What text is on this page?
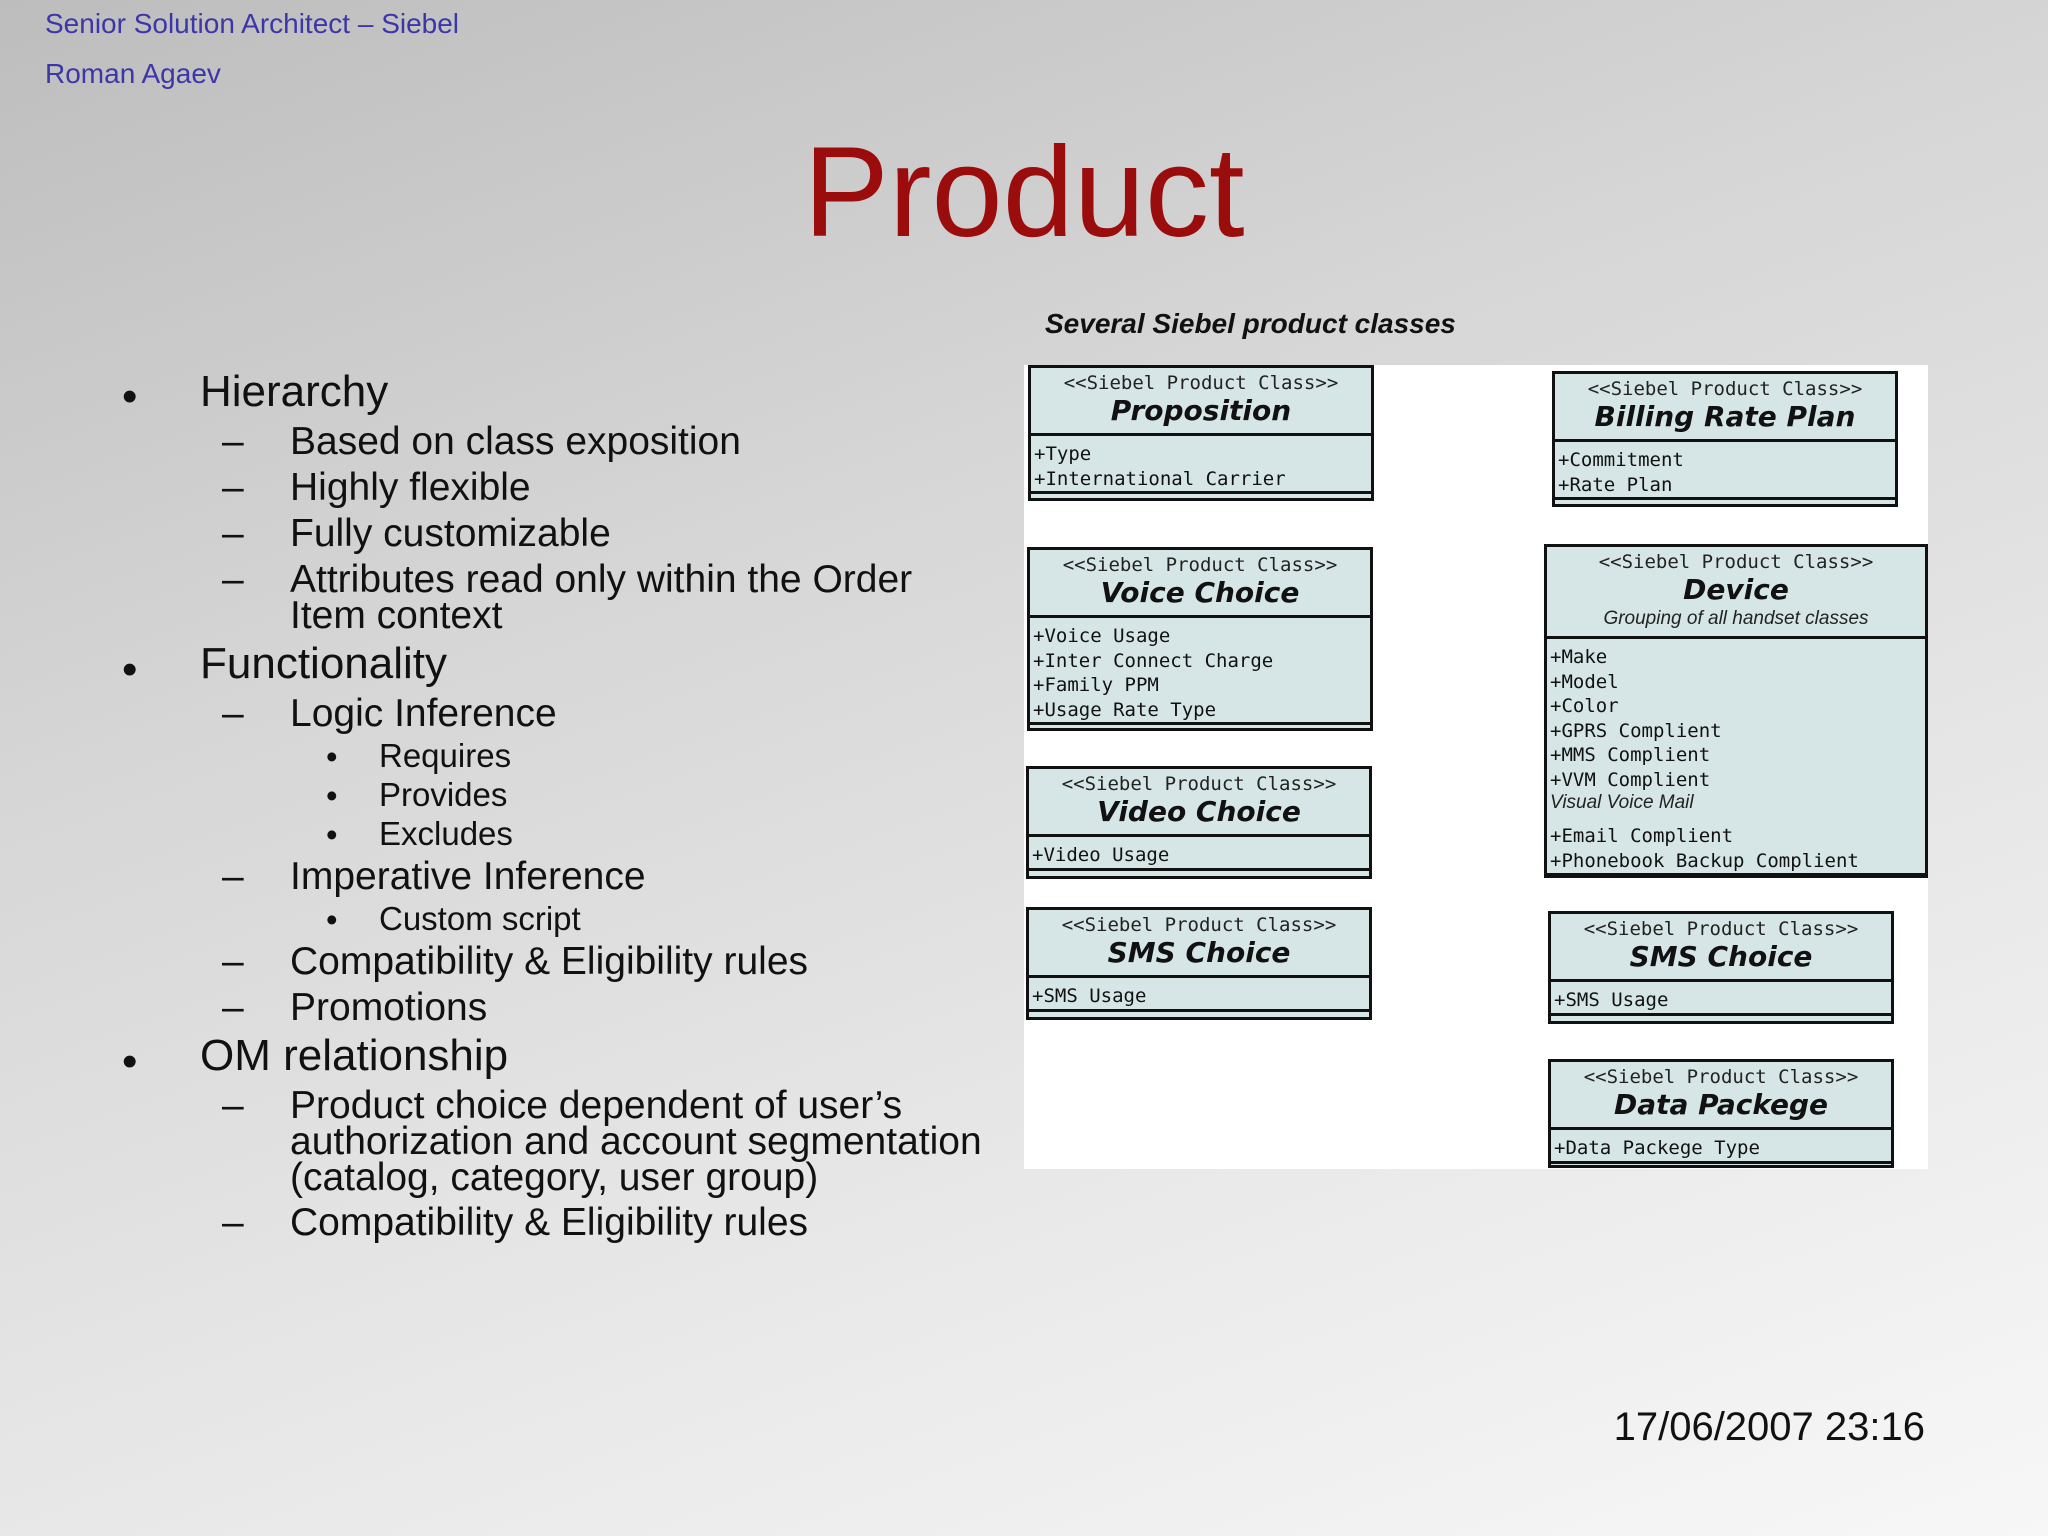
Senior Solution Architect – Siebel
Roman Agaev
Product
• Hierarchy
– Based on class exposition
– Highly flexible
– Fully customizable
– Attributes read only within the Order
Item context
• Functionality
– Logic Inference
• Requires
• Provides
• Excludes
– Imperative Inference
• Custom script
– Compatibility & Eligibility rules
– Promotions
• OM relationship
– Product choice dependent of user’s
authorization and account segmentation
(catalog, category, user group)
– Compatibility & Eligibility rules
Several Siebel product classes
<<Siebel Product Class>>
Proposition
+Type
+International Carrier
<<Siebel Product Class>>
Voice Choice
+Voice Usage
+Inter Connect Charge
+Family PPM
+Usage Rate Type
<<Siebel Product Class>>
Video Choice
+Video Usage
<<Siebel Product Class>>
SMS Choice
+SMS Usage
<<Siebel Product Class>>
Billing Rate Plan
+Commitment
+Rate Plan
<<Siebel Product Class>>
Device
Grouping of all handset classes
+Make
+Model
+Color
+GPRS Complient
+MMS Complient
+VVM Complient
Visual Voice Mail
+Email Complient
+Phonebook Backup Complient
<<Siebel Product Class>>
SMS Choice
+SMS Usage
<<Siebel Product Class>>
Data Packege
+Data Packege Type
17/06/2007 23:16
